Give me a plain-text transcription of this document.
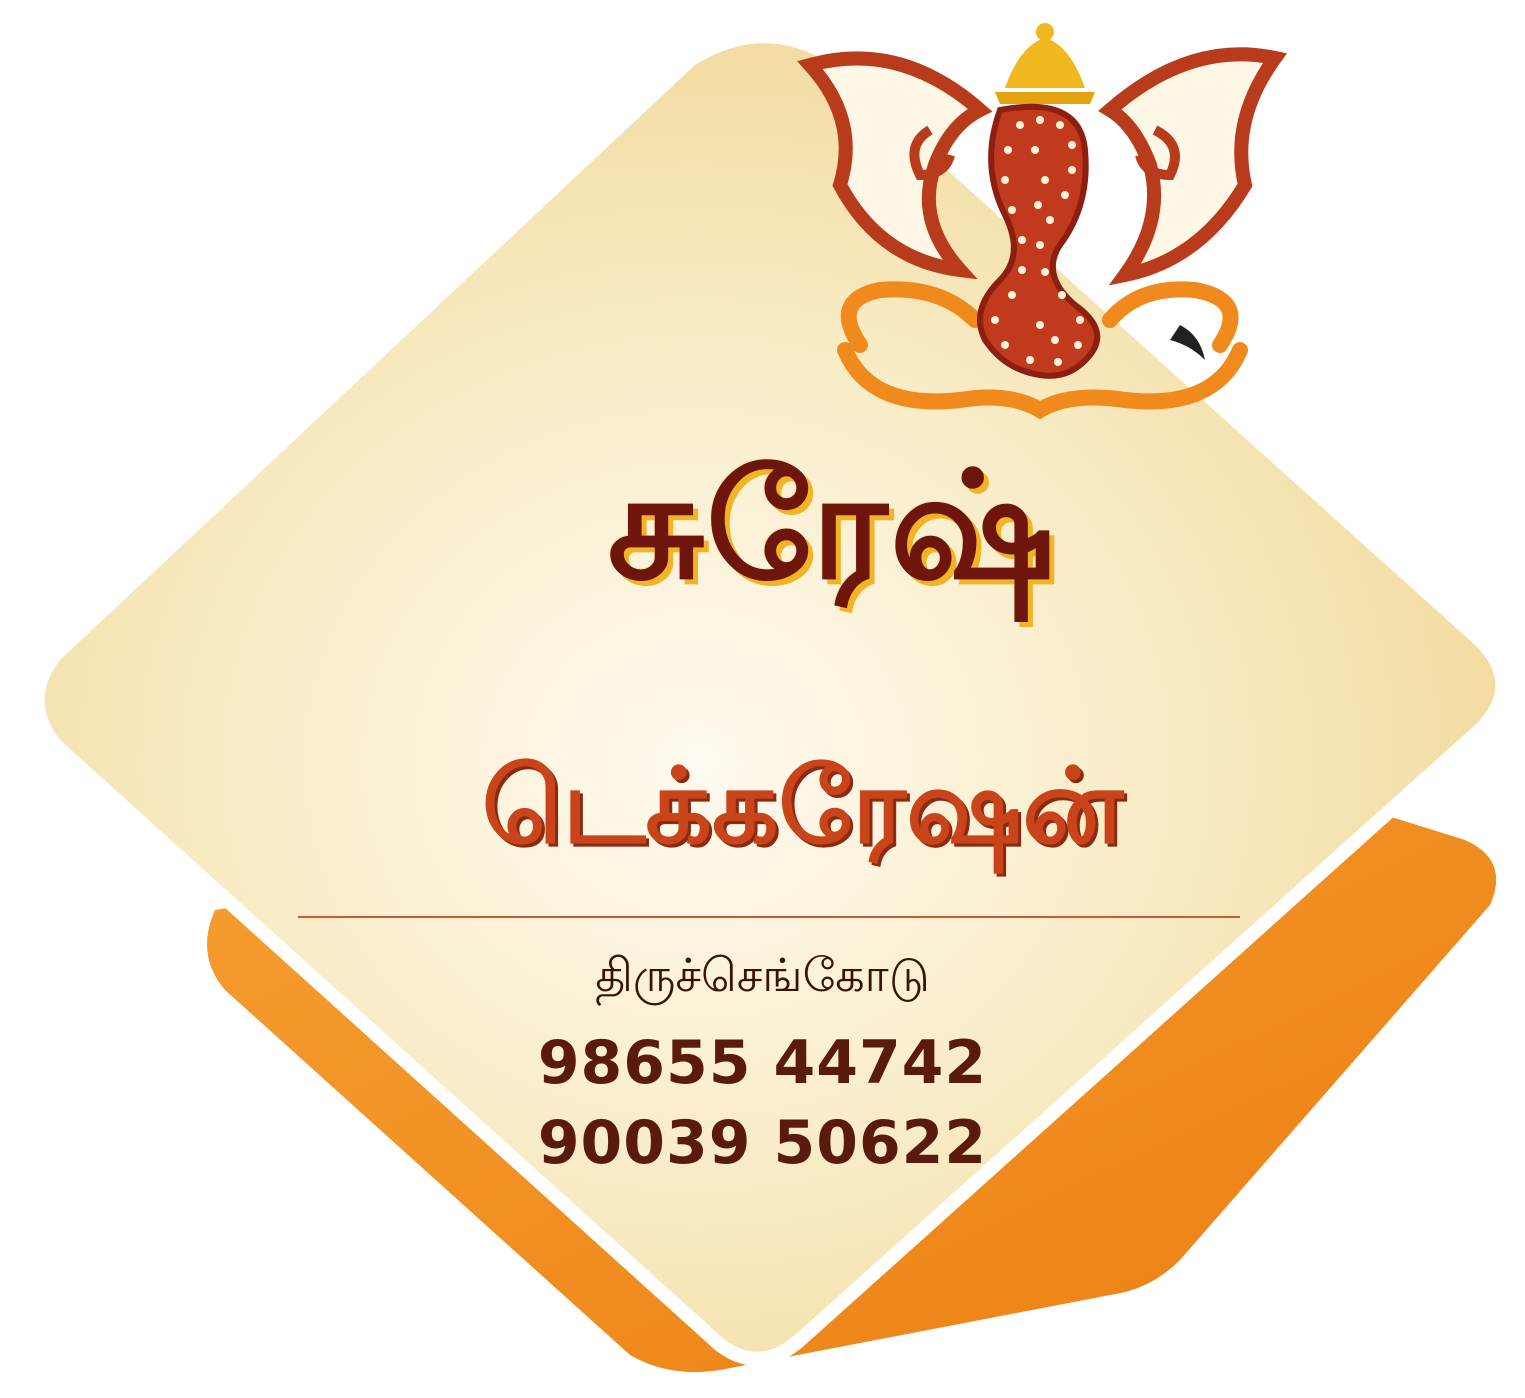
சுரேஷ்
டெக்கரேஷன்
திருச்செங்கோடு
98655 44742
90039 50622
